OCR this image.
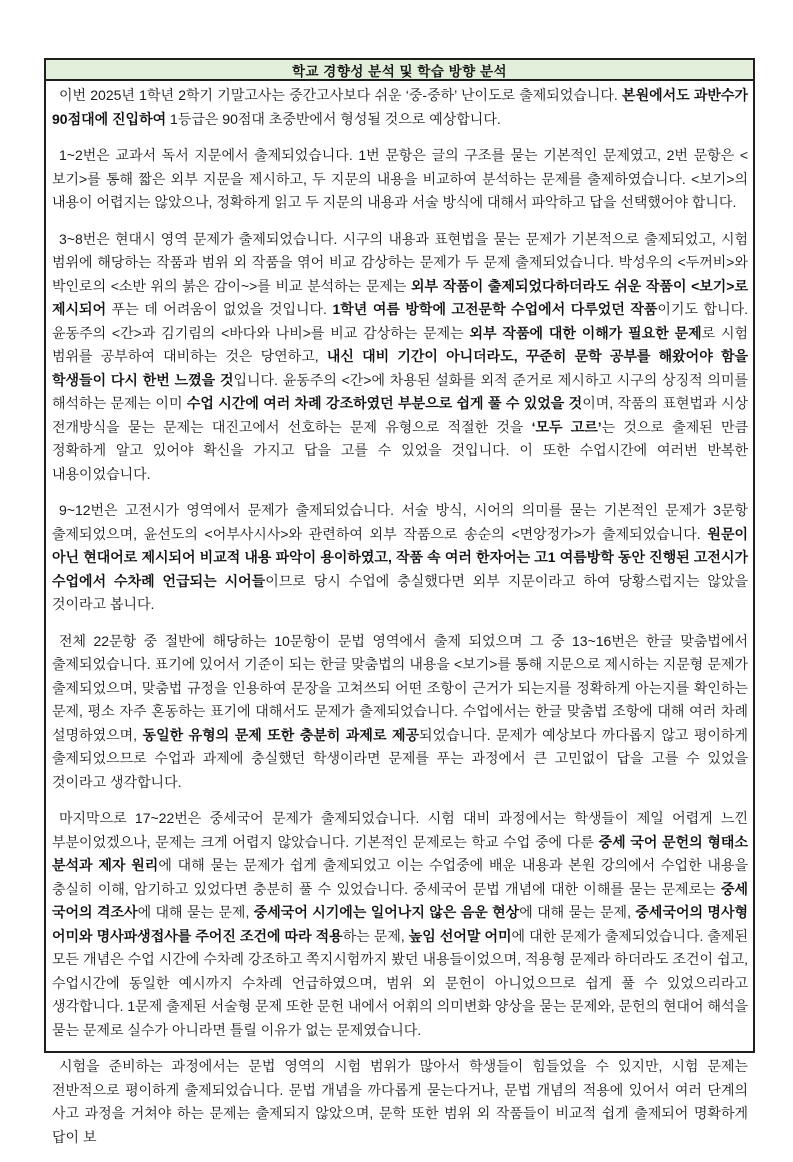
학교 경향성 분석 및 학습 방향 분석

이번 2025년 1학년 2학기 기말고사는 중간고사보다 쉬운 ‘중-중하’ 난이도로 출제되었습니다. 본원에서도 과반수가 90점대에 진입하여 1등급은 90점대 초중반에서 형성될 것으로 예상합니다.

1~2번은 교과서 독서 지문에서 출제되었습니다. 1번 문항은 글의 구조를 묻는 기본적인 문제였고, 2번 문항은 <보기>를 통해 짧은 외부 지문을 제시하고, 두 지문의 내용을 비교하여 분석하는 문제를 출제하였습니다. <보기>의 내용이 어렵지는 않았으나, 정확하게 읽고 두 지문의 내용과 서술 방식에 대해서 파악하고 답을 선택했어야 합니다.

3~8번은 현대시 영역 문제가 출제되었습니다. 시구의 내용과 표현법을 묻는 문제가 기본적으로 출제되었고, 시험 범위에 해당하는 작품과 범위 외 작품을 엮어 비교 감상하는 문제가 두 문제 출제되었습니다. 박성우의 <두꺼비>와 박인로의 <소반 위의 붉은 감이~>를 비교 분석하는 문제는 외부 작품이 출제되었다하더라도 쉬운 작품이 <보기>로 제시되어 푸는 데 어려움이 없었을 것입니다. 1학년 여름 방학에 고전문학 수업에서 다루었던 작품이기도 합니다. 윤동주의 <간>과 김기림의 <바다와 나비>를 비교 감상하는 문제는 외부 작품에 대한 이해가 필요한 문제로 시험 범위를 공부하여 대비하는 것은 당연하고, 내신 대비 기간이 아니더라도, 꾸준히 문학 공부를 해왔어야 함을 학생들이 다시 한번 느꼈을 것입니다. 윤동주의 <간>에 차용된 설화를 외적 준거로 제시하고 시구의 상징적 의미를 해석하는 문제는 이미 수업 시간에 여러 차례 강조하였던 부분으로 쉽게 풀 수 있었을 것이며, 작품의 표현법과 시상 전개방식을 묻는 문제는 대진고에서 선호하는 문제 유형으로 적절한 것을 ‘모두 고르’는 것으로 출제된 만큼 정확하게 알고 있어야 확신을 가지고 답을 고를 수 있었을 것입니다. 이 또한 수업시간에 여러번 반복한 내용이었습니다.

9~12번은 고전시가 영역에서 문제가 출제되었습니다. 서술 방식, 시어의 의미를 묻는 기본적인 문제가 3문항 출제되었으며, 윤선도의 <어부사시사>와 관련하여 외부 작품으로 송순의 <면앙정가>가 출제되었습니다. 원문이 아닌 현대어로 제시되어 비교적 내용 파악이 용이하였고, 작품 속 여러 한자어는 고1 여름방학 동안 진행된 고전시가 수업에서 수차례 언급되는 시어들이므로 당시 수업에 충실했다면 외부 지문이라고 하여 당황스럽지는 않았을 것이라고 봅니다.

전체 22문항 중 절반에 해당하는 10문항이 문법 영역에서 출제 되었으며 그 중 13~16번은 한글 맞춤법에서 출제되었습니다. 표기에 있어서 기준이 되는 한글 맞춤법의 내용을 <보기>를 통해 지문으로 제시하는 지문형 문제가 출제되었으며, 맞춤법 규정을 인용하여 문장을 고쳐쓰되 어떤 조항이 근거가 되는지를 정확하게 아는지를 확인하는 문제, 평소 자주 혼동하는 표기에 대해서도 문제가 출제되었습니다. 수업에서는 한글 맞춤법 조항에 대해 여러 차례 설명하였으며, 동일한 유형의 문제 또한 충분히 과제로 제공되었습니다. 문제가 예상보다 까다롭지 않고 평이하게 출제되었으므로 수업과 과제에 충실했던 학생이라면 문제를 푸는 과정에서 큰 고민없이 답을 고를 수 있었을 것이라고 생각합니다.

마지막으로 17~22번은 중세국어 문제가 출제되었습니다. 시험 대비 과정에서는 학생들이 제일 어렵게 느낀 부분이었겠으나, 문제는 크게 어렵지 않았습니다. 기본적인 문제로는 학교 수업 중에 다룬 중세 국어 문헌의 형태소 분석과 제자 원리에 대해 묻는 문제가 쉽게 출제되었고 이는 수업중에 배운 내용과 본원 강의에서 수업한 내용을 충실히 이해, 암기하고 있었다면 충분히 풀 수 있었습니다. 중세국어 문법 개념에 대한 이해를 묻는 문제로는 중세 국어의 격조사에 대해 묻는 문제, 중세국어 시기에는 일어나지 않은 음운 현상에 대해 묻는 문제, 중세국어의 명사형 어미와 명사파생접사를 주어진 조건에 따라 적용하는 문제, 높임 선어말 어미에 대한 문제가 출제되었습니다. 출제된 모든 개념은 수업 시간에 수차례 강조하고 쪽지시험까지 봤던 내용들이었으며, 적용형 문제라 하더라도 조건이 쉽고, 수업시간에 동일한 예시까지 수차례 언급하였으며, 범위 외 문헌이 아니었으므로 쉽게 풀 수 있었으리라고 생각합니다. 1문제 출제된 서술형 문제 또한 문헌 내에서 어휘의 의미변화 양상을 묻는 문제와, 문헌의 현대어 해석을 묻는 문제로 실수가 아니라면 틀릴 이유가 없는 문제였습니다.

시험을 준비하는 과정에서는 문법 영역의 시험 범위가 많아서 학생들이 힘들었을 수 있지만, 시험 문제는 전반적으로 평이하게 출제되었습니다. 문법 개념을 까다롭게 묻는다거나, 문법 개념의 적용에 있어서 여러 단계의 사고 과정을 거쳐야 하는 문제는 출제되지 않았으며, 문학 또한 범위 외 작품들이 비교적 쉽게 출제되어 명확하게 답이 보
